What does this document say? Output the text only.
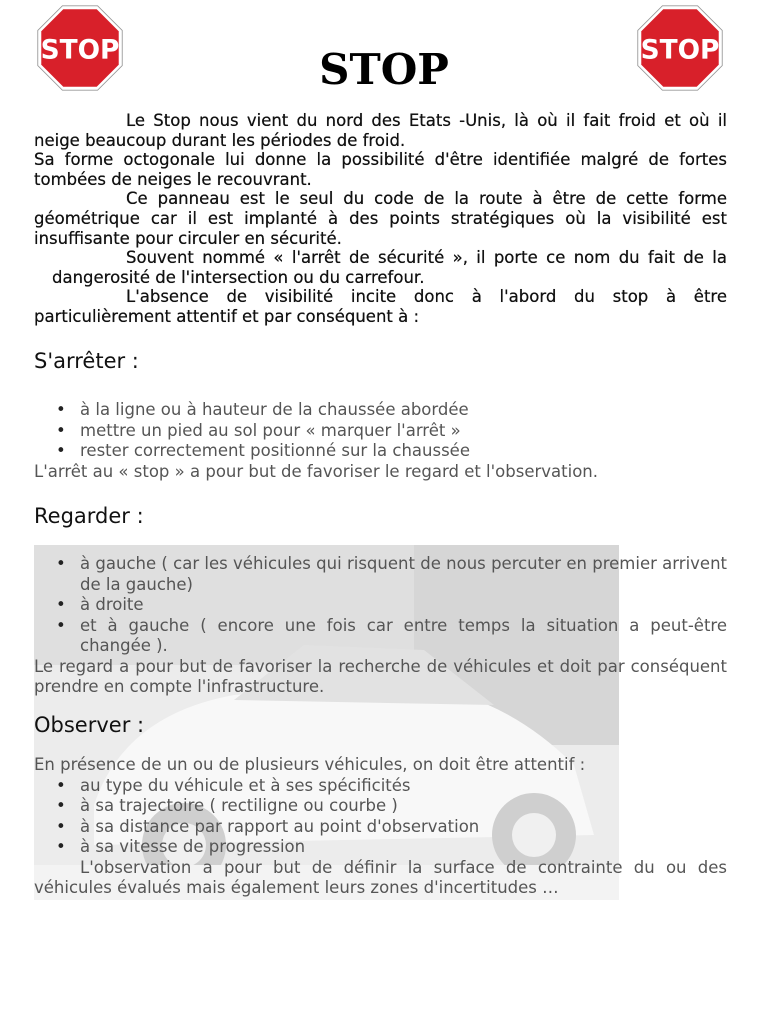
STOP	STOP
STOP

Le Stop nous vient du nord des Etats -Unis, là où il fait froid et où il neige beaucoup durant les périodes de froid.

Sa forme octogonale lui donne la possibilité d'être identifiée malgré de fortes tombées de neiges le recouvrant.

Ce panneau est le seul du code de la route à être de cette forme géométrique car il est implanté à des points stratégiques où la visibilité est insuffisante pour circuler en sécurité.

Souvent nommé « l'arrêt de sécurité », il porte ce nom du fait de la dangerosité de l'intersection ou du carrefour.

L'absence de visibilité incite donc à l'abord du stop à être particulièrement attentif et par conséquent à :

S'arrêter :
• à la ligne ou à hauteur de la chaussée abordée
• mettre un pied au sol pour « marquer l'arrêt »
• rester correctement positionné sur la chaussée

L'arrêt au « stop » a pour but de favoriser le regard et l'observation.

Regarder :
• à gauche ( car les véhicules qui risquent de nous percuter en premier arrivent de la gauche)
• à droite
• et à gauche ( encore une fois car entre temps la situation a peut-être changée ).

Le regard a pour but de favoriser la recherche de véhicules et doit par conséquent prendre en compte l'infrastructure.

Observer :

En présence de un ou de plusieurs véhicules, on doit être attentif :

• au type du véhicule et à ses spécificités
• à sa trajectoire ( rectiligne ou courbe )
• à sa distance par rapport au point d'observation
• à sa vitesse de progression

L'observation a pour but de définir la surface de contrainte du ou des véhicules évalués mais également leurs zones d'incertitudes …
